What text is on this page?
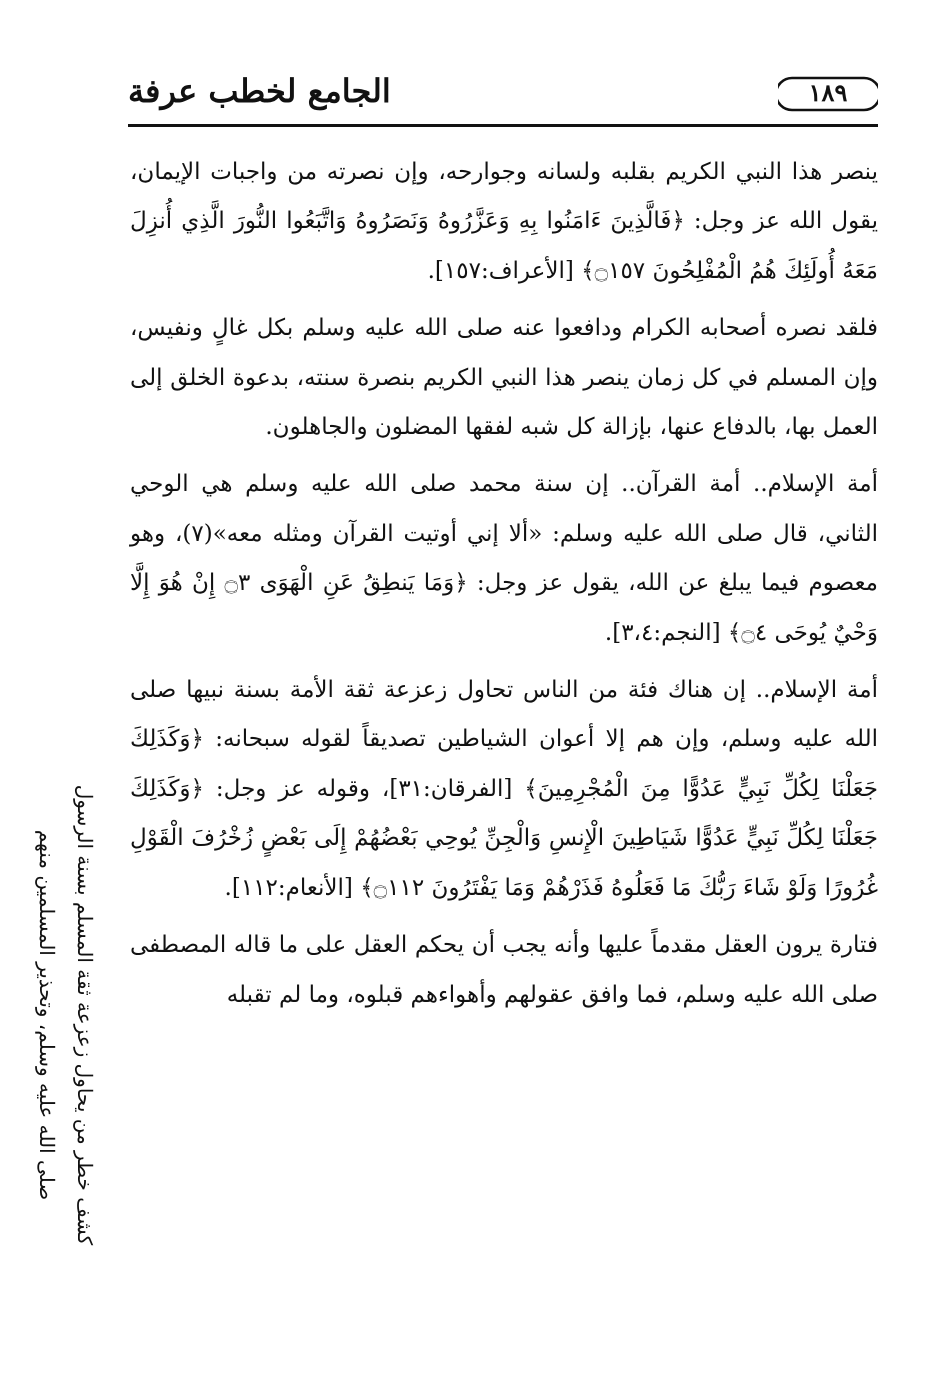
الجامع لخطب عرفة	١٨٩

ينصر هذا النبي الكريم بقلبه ولسانه وجوارحه، وإن نصرته من واجبات الإيمان، يقول الله عز وجل: ﴿فَالَّذِينَ ءَامَنُوا بِهِ وَعَزَّرُوهُ وَنَصَرُوهُ وَاتَّبَعُوا النُّورَ الَّذِي أُنزِلَ مَعَهُ أُولَئِكَ هُمُ الْمُفْلِحُونَ ۝١٥٧﴾ [الأعراف:١٥٧].

فلقد نصره أصحابه الكرام ودافعوا عنه صلى الله عليه وسلم بكل غالٍ ونفيس، وإن المسلم في كل زمان ينصر هذا النبي الكريم بنصرة سنته، بدعوة الخلق إلى العمل بها، بالدفاع عنها، بإزالة كل شبه لفقها المضلون والجاهلون.

أمة الإسلام.. أمة القرآن.. إن سنة محمد صلى الله عليه وسلم هي الوحي الثاني، قال صلى الله عليه وسلم: «ألا إني أوتيت القرآن ومثله معه»(٧)، وهو معصوم فيما يبلغ عن الله، يقول عز وجل: ﴿وَمَا يَنطِقُ عَنِ الْهَوَى ۝٣ إِنْ هُوَ إِلَّا وَحْيٌ يُوحَى ۝٤﴾ [النجم:٣،٤].

أمة الإسلام.. إن هناك فئة من الناس تحاول زعزعة ثقة الأمة بسنة نبيها صلى الله عليه وسلم، وإن هم إلا أعوان الشياطين تصديقاً لقوله سبحانه: ﴿وَكَذَلِكَ جَعَلْنَا لِكُلِّ نَبِيٍّ عَدُوًّا مِنَ الْمُجْرِمِينَ﴾ [الفرقان:٣١]، وقوله عز وجل: ﴿وَكَذَلِكَ جَعَلْنَا لِكُلِّ نَبِيٍّ عَدُوًّا شَيَاطِينَ الْإِنسِ وَالْجِنِّ يُوحِي بَعْضُهُمْ إِلَى بَعْضٍ زُخْرُفَ الْقَوْلِ غُرُورًا وَلَوْ شَاءَ رَبُّكَ مَا فَعَلُوهُ فَذَرْهُمْ وَمَا يَفْتَرُونَ ۝١١٢﴾ [الأنعام:١١٢].

فتارة يرون العقل مقدماً عليها وأنه يجب أن يحكم العقل على ما قاله المصطفى صلى الله عليه وسلم، فما وافق عقولهم وأهواءهم قبلوه، وما لم تقبله

كشف خطر من يحاول زعزعة ثقة المسلم بسنة الرسول صلى الله عليه وسلم، وتحذير المسلمين منهم
